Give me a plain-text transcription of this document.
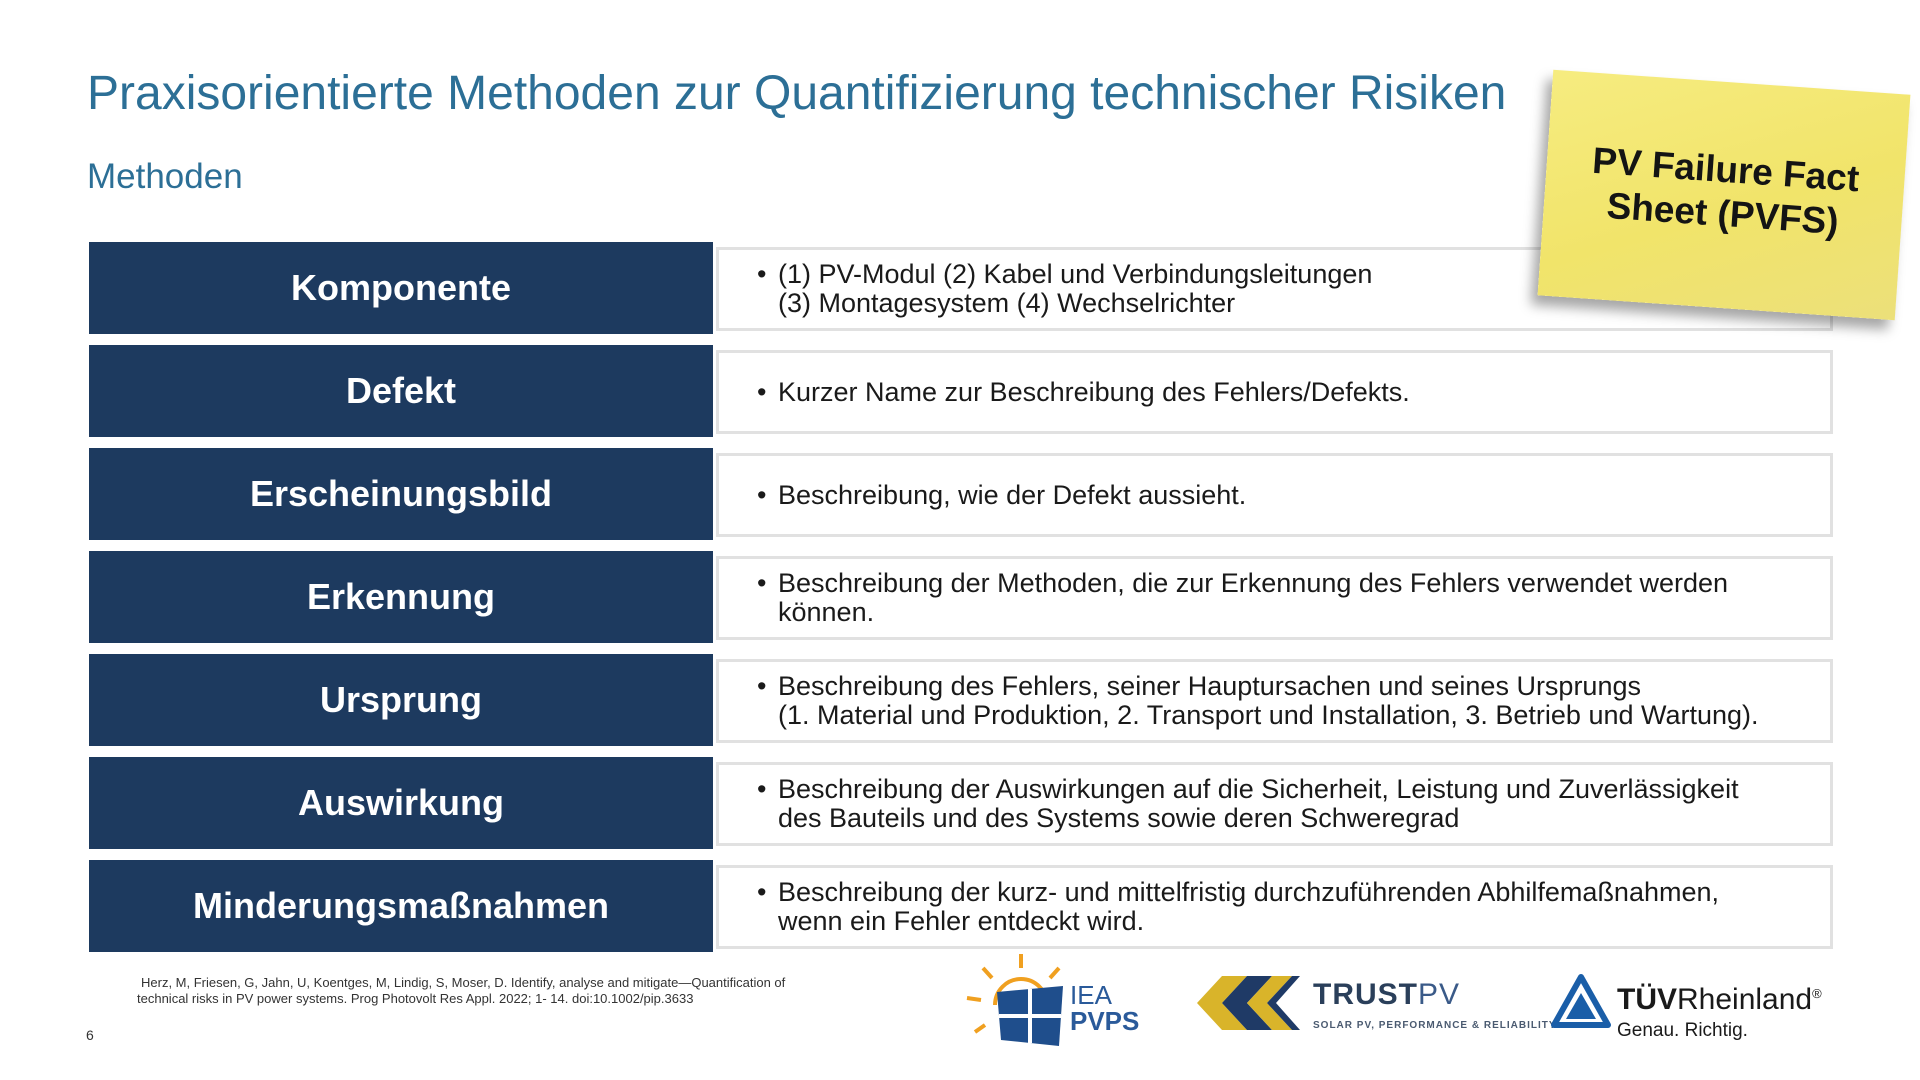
Praxisorientierte Methoden zur Quantifizierung technischer Risiken
Methoden
Komponente	• (1) PV-Modul (2) Kabel und Verbindungsleitungen
(3) Montagesystem (4) Wechselrichter
Defekt	• Kurzer Name zur Beschreibung des Fehlers/Defekts.
Erscheinungsbild	• Beschreibung, wie der Defekt aussieht.
Erkennung	• Beschreibung der Methoden, die zur Erkennung des Fehlers verwendet werden
können.
Ursprung	• Beschreibung des Fehlers, seiner Hauptursachen und seines Ursprungs
(1. Material und Produktion, 2. Transport und Installation, 3. Betrieb und Wartung).
Auswirkung	• Beschreibung der Auswirkungen auf die Sicherheit, Leistung und Zuverlässigkeit
des Bauteils und des Systems sowie deren Schweregrad
Minderungsmaßnahmen	• Beschreibung der kurz- und mittelfristig durchzuführenden Abhilfemaßnahmen,
wenn ein Fehler entdeckt wird.
PV Failure Fact
Sheet (PVFS)
Herz, M, Friesen, G, Jahn, U, Koentges, M, Lindig, S, Moser, D. Identify, analyse and mitigate—Quantification of
technical risks in PV power systems. Prog Photovolt Res Appl. 2022; 1- 14. doi:10.1002/pip.3633
6
IEA
PVPS
TRUSTPV
SOLAR PV, PERFORMANCE & RELIABILITY
TÜVRheinland®
Genau. Richtig.
